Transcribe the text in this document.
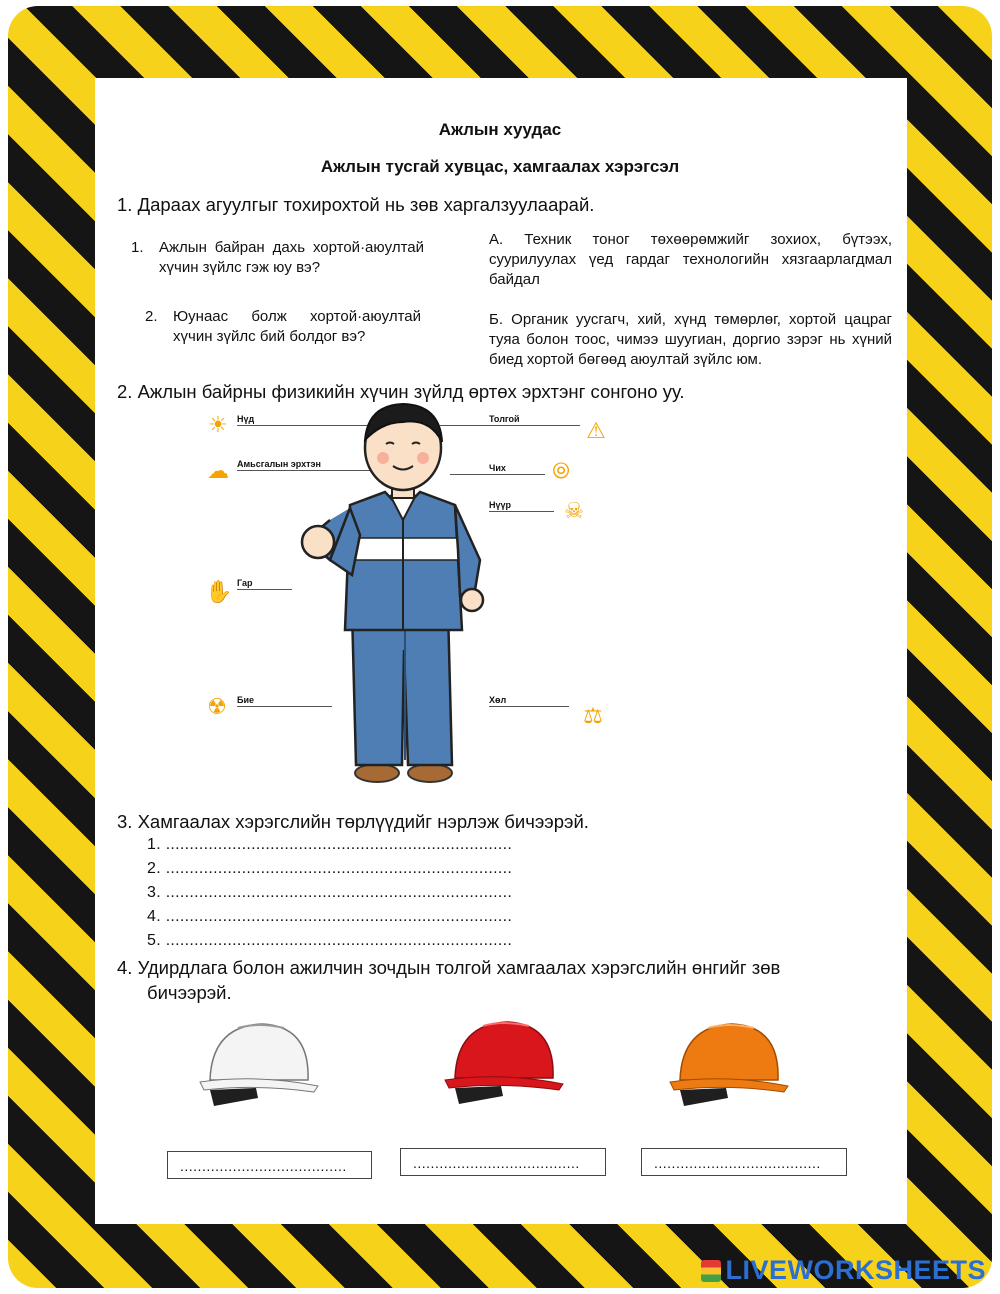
Ажлын хуудас
Ажлын тусгай хувцас, хамгаалах хэрэгсэл
1. Дараах агуулгыг тохирохтой нь зөв харгалзуулаарай.
1. Ажлын байран дахь хортой·аюултай хүчин зүйлс гэж юу вэ?
2. Юунаас болж хортой·аюултай хүчин зүйлс бий болдог вэ?
А. Техник тоног төхөөрөмжийг зохиох, бүтээх, суурилуулах үед гардаг технологийн хязгаарлагдмал байдал
Б. Органик уусгагч, хий, хүнд төмөрлөг, хортой цацраг туяа болон тоос, чимээ шуугиан, доргио зэрэг нь хүний биед хортой бөгөөд аюултай зүйлс юм.
2. Ажлын байрны физикийн хүчин зүйлд өртөх эрхтэнг сонгоно уу.
☀	Нүд
☁ Амьсгалын эрхтэн
✋ Гар
☢	Бие
Толгой	⚠
Чих ⦾
Нүүр ☠
Хөл
⚖
3. Хамгаалах хэрэгслийн төрлүүдийг нэрлэж бичээрэй.
1. .........................................................................
2. .........................................................................
3. .........................................................................
4. .........................................................................
5. .........................................................................
4. Удирдлага болон ажилчин зочдын толгой хамгаалах хэрэгслийн өнгийг зөв
бичээрэй.
......................................	......................................	......................................
LIVEWORKSHEETS
